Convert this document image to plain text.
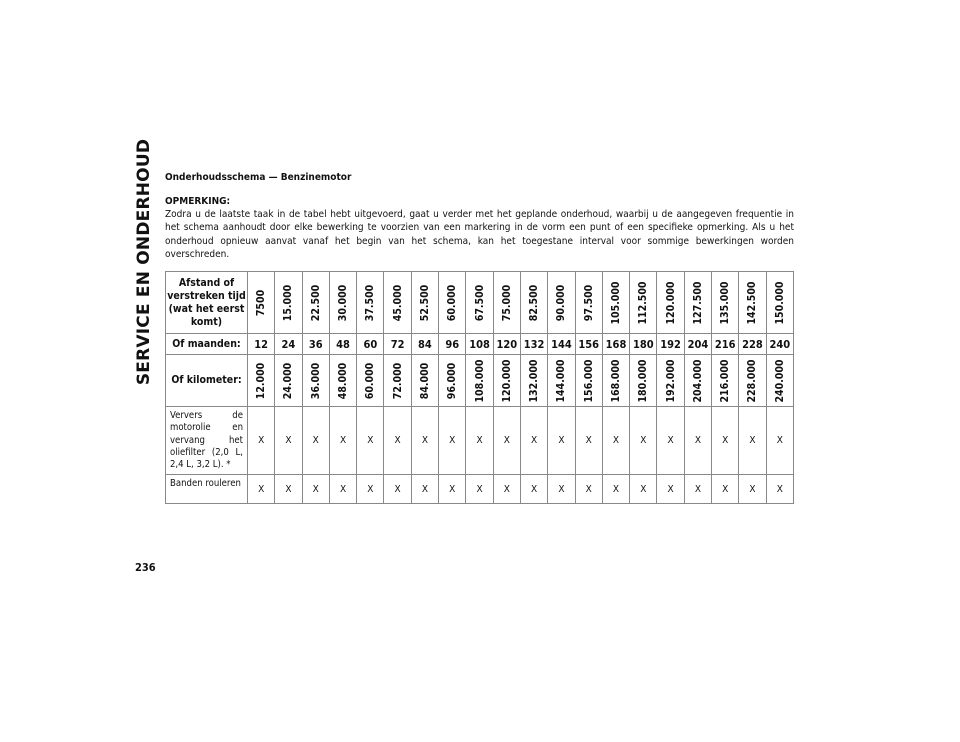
SERVICE EN ONDERHOUD
236

Onderhoudsschema — Benzinemotor

OPMERKING:

Zodra u de laatste taak in de tabel hebt uitgevoerd, gaat u verder met het geplande onderhoud, waarbij u de aangegeven frequentie in het schema aanhoudt door elke bewerking te voorzien van een markering in de vorm een punt of een specifieke opmerking. Als u het onderhoud opnieuw aanvat vanaf het begin van het schema, kan het toegestane interval voor sommige bewerkingen worden overschreden.

Afstand of verstreken tijd (wat het eerst komt)	7500	15.000	22.500	30.000	37.500	45.000	52.500	60.000	67.500	75.000	82.500	90.000	97.500	105.000	112.500	120.000	127.500	135.000	142.500	150.000

Of maanden:	12	24	36	48	60	72	84	96	108	120	132	144	156	168	180	192	204	216	228	240
Of kilometer:	12.000	24.000	36.000	48.000	60.000	72.000	84.000	96.000	108.000	120.000	132.000	144.000	156.000	168.000	180.000	192.000	204.000	216.000	228.000	240.000

Ververs de motorolie en vervang het oliefilter (2,0 L, 2,4 L, 3,2 L). *	X	X	X	X	X	X	X	X	X	X	X	X	X	X	X	X	X	X	X	X
Banden rouleren	X	X	X	X	X	X	X	X	X	X	X	X	X	X	X	X	X	X	X	X
